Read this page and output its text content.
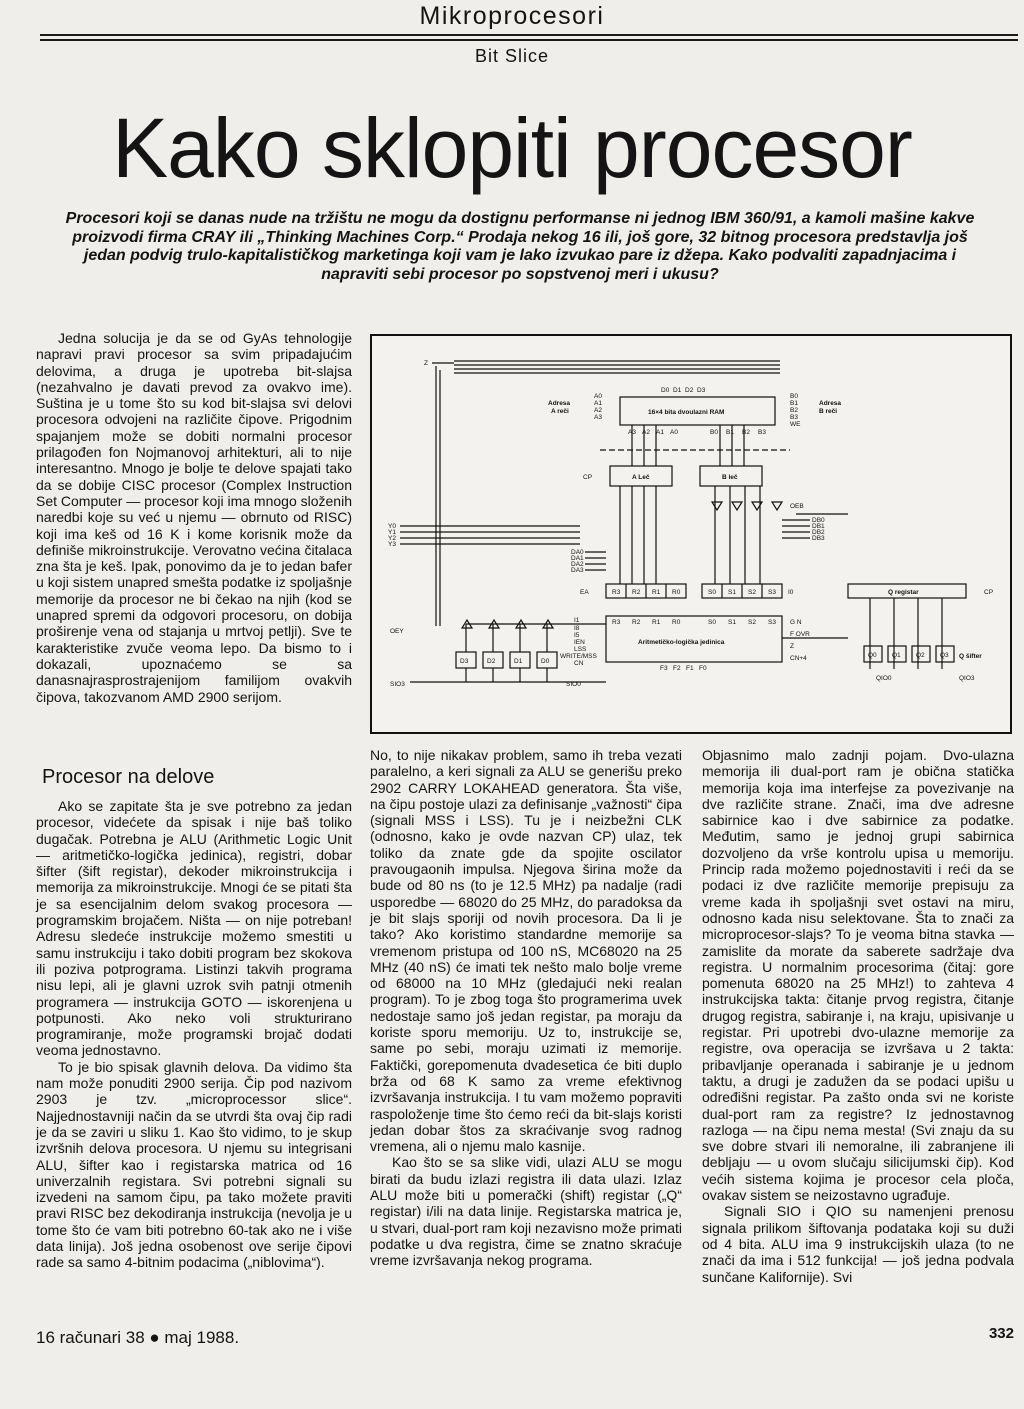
Mikroprocesori
Bit Slice
Kako sklopiti procesor
Procesori koji se danas nude na tržištu ne mogu da dostignu performanse ni jednog IBM 360/91, a kamoli mašine kakve proizvodi firma CRAY ili „Thinking Machines Corp.“ Prodaja nekog 16 ili, još gore, 32 bitnog procesora predstavlja još jedan podvig trulo-kapitalističkog marketinga koji vam je lako izvukao pare iz džepa. Kako podvaliti zapadnjacima i napraviti sebi procesor po sopstvenoj meri i ukusu?

Jedna solucija je da se od GyAs tehnologije napravi pravi procesor sa svim pripadajućim delovima, a druga je upotreba bit-slajsa (nezahvalno je davati prevod za ovakvo ime). Suština je u tome što su kod bit-slajsa svi delovi procesora odvojeni na različite čipove. Prigodnim spajanjem može se dobiti normalni procesor prilagođen fon Nojmanovoj arhitekturi, ali to nije interesantno. Mnogo je bolje te delove spajati tako da se dobije CISC procesor (Complex Instruction Set Computer — procesor koji ima mnogo složenih naredbi koje su već u njemu — obrnuto od RISC) koji ima keš od 16 K i kome korisnik može da definiše mikroinstrukcije. Verovatno većina čitalaca zna šta je keš. Ipak, ponovimo da je to jedan bafer u koji sistem unapred smešta podatke iz spoljašnje memorije da procesor ne bi čekao na njih (kod se unapred spremi da odgovori procesoru, on dobija proširenje vena od stajanja u mrtvoj petlji). Sve te karakteristike zvuče veoma lepo. Da bismo to i dokazali, upoznaćemo se sa danasnajrasprostrajenijom familijom ovakvih čipova, takozvanom AMD 2900 serijom.

Procesor na delove

Ako se zapitate šta je sve potrebno za jedan procesor, videćete da spisak i nije baš toliko dugačak. Potrebna je ALU (Arithmetic Logic Unit — aritmetičko-logička jedinica), registri, dobar šifter (šift registar), dekoder mikroinstrukcija i memorija za mikroinstrukcije. Mnogi će se pitati šta je sa esencijalnim delom svakog procesora — programskim brojačem. Ništa — on nije potreban! Adresu sledeće instrukcije možemo smestiti u samu instrukciju i tako dobiti program bez skokova ili poziva potprograma. Listinzi takvih programa nisu lepi, ali je glavni uzrok svih patnji otmenih programera — instrukcija GOTO — iskorenjena u potpunosti. Ako neko voli strukturirano programiranje, može programski brojač dodati veoma jednostavno.

To je bio spisak glavnih delova. Da vidimo šta nam može ponuditi 2900 serija. Čip pod nazivom 2903 je tzv. „microprocessor slice“. Najjednostavniji način da se utvrdi šta ovaj čip radi je da se zaviri u sliku 1. Kao što vidimo, to je skup izvršnih delova procesora. U njemu su integrisani ALU, šifter kao i registarska matrica od 16 univerzalnih registara. Svi potrebni signali su izvedeni na samom čipu, pa tako možete praviti pravi RISC bez dekodiranja instrukcija (nevolja je u tome što će vam biti potrebno 60-tak ako ne i više data linija). Još jedna osobenost ove serije čipovi rade sa samo 4-bitnim podacima („niblovima“).

No, to nije nikakav problem, samo ih treba vezati paralelno, a keri signali za ALU se generišu preko 2902 CARRY LOKAHEAD generatora. Šta više, na čipu postoje ulazi za definisanje „važnosti“ čipa (signali MSS i LSS). Tu je i neizbežni CLK (odnosno, kako je ovde nazvan CP) ulaz, tek toliko da znate gde da spojite oscilator pravougaonih impulsa. Njegova širina može da bude od 80 ns (to je 12.5 MHz) pa nadalje (radi usporedbe — 68020 do 25 MHz, do paradoksa da je bit slajs sporiji od novih procesora. Da li je tako? Ako koristimo standardne memorije sa vremenom pristupa od 100 nS, MC68020 na 25 MHz (40 nS) će imati tek nešto malo bolje vreme od 68000 na 10 MHz (gledajući neki realan program). To je zbog toga što programerima uvek nedostaje samo još jedan registar, pa moraju da koriste sporu memoriju. Uz to, instrukcije se, same po sebi, moraju uzimati iz memorije. Faktički, gorepomenuta dvadesetica će biti duplo brža od 68 K samo za vreme efektivnog izvršavanja instrukcija. I tu vam možemo popraviti raspoloženje time što ćemo reći da bit-slajs koristi jedan dobar štos za skraćivanje svog radnog vremena, ali o njemu malo kasnije.

Kao što se sa slike vidi, ulazi ALU se mogu birati da budu izlazi registra ili data ulazi. Izlaz ALU može biti u pomerački (shift) registar („Q“ registar) i/ili na data linije. Registarska matrica je, u stvari, dual-port ram koji nezavisno može primati podatke u dva registra, čime se znatno skraćuje vreme izvršavanja nekog programa.

Objasnimo malo zadnji pojam. Dvo-ulazna memorija ili dual-port ram je obična statička memorija koja ima interfejse za povezivanje na dve različite strane. Znači, ima dve adresne sabirnice kao i dve sabirnice za podatke. Međutim, samo je jednoj grupi sabirnica dozvoljeno da vrše kontrolu upisa u memoriju. Princip rada možemo pojednostaviti i reći da se podaci iz dve različite memorije prepisuju za vreme kada ih spoljašnji svet ostavi na miru, odnosno kada nisu selektovane. Šta to znači za microprocesor-slajs? To je veoma bitna stavka — zamislite da morate da saberete sadržaje dva registra. U normalnim procesorima (čitaj: gore pomenuta 68020 na 25 MHz!) to zahteva 4 instrukcijska takta: čitanje prvog registra, čitanje drugog registra, sabiranje i, na kraju, upisivanje u registar. Pri upotrebi dvo-ulazne memorije za registre, ova operacija se izvršava u 2 takta: pribavljanje operanada i sabiranje je u jednom taktu, a drugi je zadužen da se podaci upišu u određišni registar. Pa zašto onda svi ne koriste dual-port ram za registre? Iz jednostavnog razloga — na čipu nema mesta! (Svi znaju da su sve dobre stvari ili nemoralne, ili zabranjene ili debljaju — u ovom slučaju silicijumski čip). Kod većih sistema kojima je procesor cela ploča, ovakav sistem se neizostavno ugrađuje.

Signali SIO i QIO su namenjeni prenosu signala prilikom šiftovanja podataka koji su duži od 4 bita. ALU ima 9 instrukcijskih ulaza (to ne znači da ima i 512 funkcija! — još jedna podvala sunčane Kalifornije). Svi

16 računari 38 ● maj 1988.	332
Z
D0 D1 D2 D3
Adresa
A reči
A0
A1
A2
A3
16×4 bita dvoulazni RAM
B0
B1
B2
B3
WE
Adresa
B reči
A3 A2 A1 A0	B0 B1 B2 B3
CP	A Leč	B leč
OEB
DB0
DB1
DB2
DB3
Y0
Y1
Y2
Y3
DA0
DA1
DA2
DA3
EA	R3 R2 R1 R0	S0 S1 S2 S3 I0
R3 R2 R1 R0	S0 S1 S2 S3
Aritmetičko-logička jedinica
I1
I8
I5
IEN
LSS
WRITE/MSS
CN
G N
F OVR
Z
CN+4
F3 F2 F1 F0
Q registar	CP
Q šifter
Q0 Q1 Q2 Q3
QIO0	QIO3
D3	D2	D1	D0
OEY
SIO3	SIO0
